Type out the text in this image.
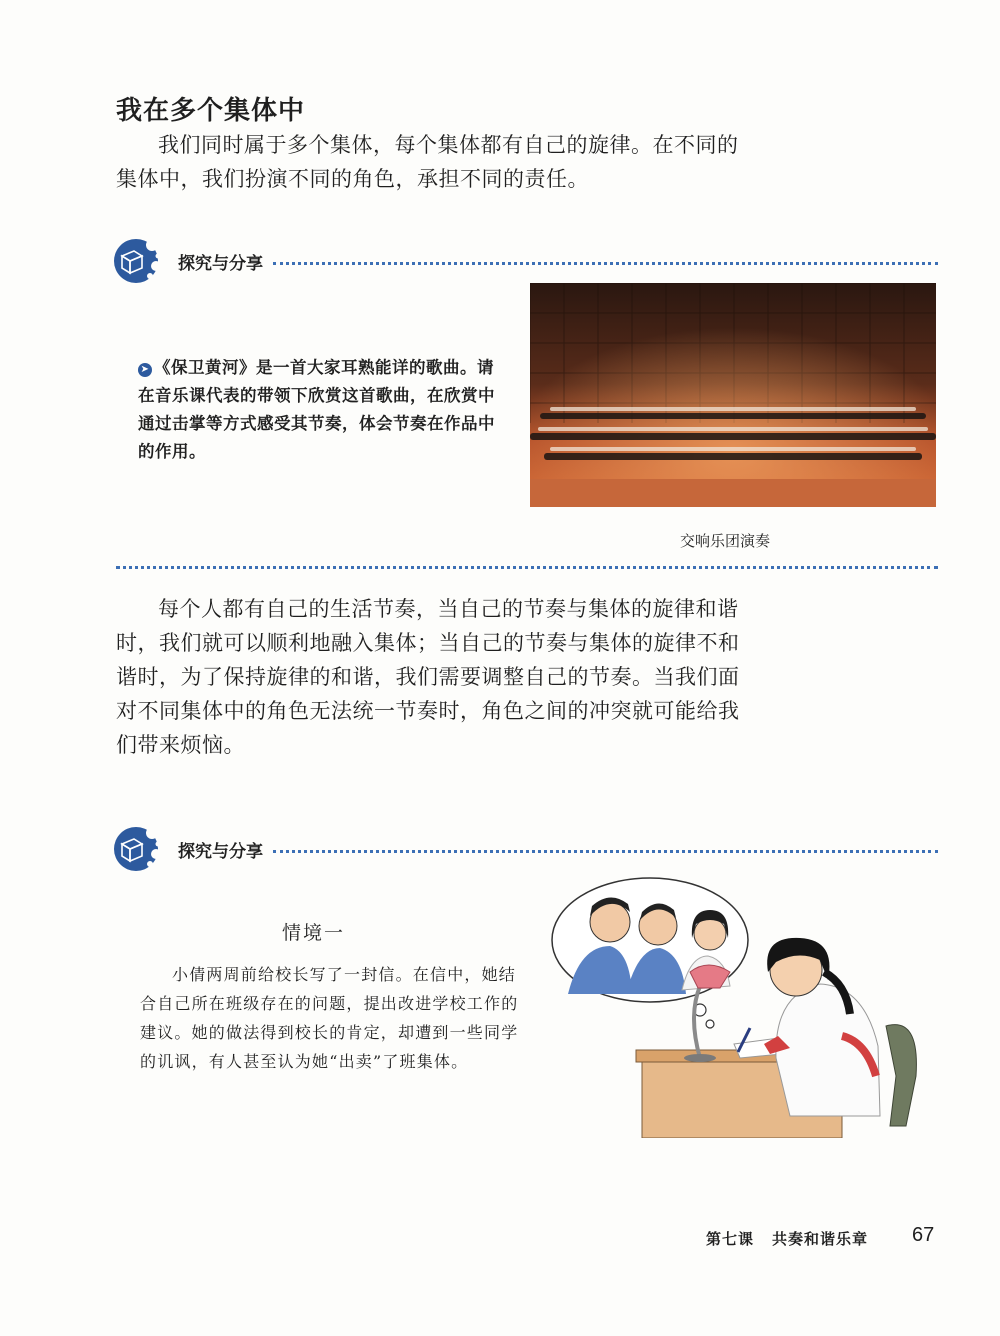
我在多个集体中
我们同时属于多个集体，每个集体都有自己的旋律。在不同的集体中，我们扮演不同的角色，承担不同的责任。
探究与分享
➤ 《保卫黄河》是一首大家耳熟能详的歌曲。请在音乐课代表的带领下欣赏这首歌曲，在欣赏中通过击掌等方式感受其节奏，体会节奏在作品中的作用。
交响乐团演奏
每个人都有自己的生活节奏，当自己的节奏与集体的旋律和谐时，我们就可以顺利地融入集体；当自己的节奏与集体的旋律不和谐时，为了保持旋律的和谐，我们需要调整自己的节奏。当我们面对不同集体中的角色无法统一节奏时，角色之间的冲突就可能给我们带来烦恼。
探究与分享
情境一
小倩两周前给校长写了一封信。在信中，她结合自己所在班级存在的问题，提出改进学校工作的建议。她的做法得到校长的肯定，却遭到一些同学的讥讽，有人甚至认为她“出卖”了班集体。
第七课 共奏和谐乐章 67
